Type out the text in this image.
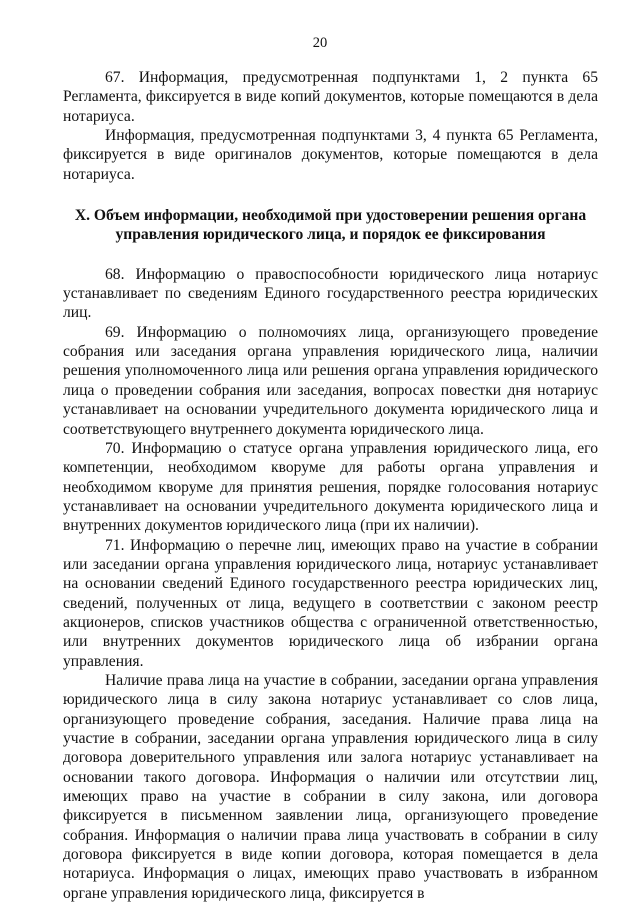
20

67. Информация, предусмотренная подпунктами 1, 2 пункта 65 Регламента, фиксируется в виде копий документов, которые помещаются в дела нотариуса.

Информация, предусмотренная подпунктами 3, 4 пункта 65 Регламента, фиксируется в виде оригиналов документов, которые помещаются в дела нотариуса.

X. Объем информации, необходимой при удостоверении решения органа управления юридического лица, и порядок ее фиксирования

68. Информацию о правоспособности юридического лица нотариус устанавливает по сведениям Единого государственного реестра юридических лиц.

69. Информацию о полномочиях лица, организующего проведение собрания или заседания органа управления юридического лица, наличии решения уполномоченного лица или решения органа управления юридического лица о проведении собрания или заседания, вопросах повестки дня нотариус устанавливает на основании учредительного документа юридического лица и соответствующего внутреннего документа юридического лица.

70. Информацию о статусе органа управления юридического лица, его компетенции, необходимом кворуме для работы органа управления и необходимом кворуме для принятия решения, порядке голосования нотариус устанавливает на основании учредительного документа юридического лица и внутренних документов юридического лица (при их наличии).

71. Информацию о перечне лиц, имеющих право на участие в собрании или заседании органа управления юридического лица, нотариус устанавливает на основании сведений Единого государственного реестра юридических лиц, сведений, полученных от лица, ведущего в соответствии с законом реестр акционеров, списков участников общества с ограниченной ответственностью, или внутренних документов юридического лица об избрании органа управления.

Наличие права лица на участие в собрании, заседании органа управления юридического лица в силу закона нотариус устанавливает со слов лица, организующего проведение собрания, заседания. Наличие права лица на участие в собрании, заседании органа управления юридического лица в силу договора доверительного управления или залога нотариус устанавливает на основании такого договора. Информация о наличии или отсутствии лиц, имеющих право на участие в собрании в силу закона, или договора фиксируется в письменном заявлении лица, организующего проведение собрания. Информация о наличии права лица участвовать в собрании в силу договора фиксируется в виде копии договора, которая помещается в дела нотариуса. Информация о лицах, имеющих право участвовать в избранном органе управления юридического лица, фиксируется в
